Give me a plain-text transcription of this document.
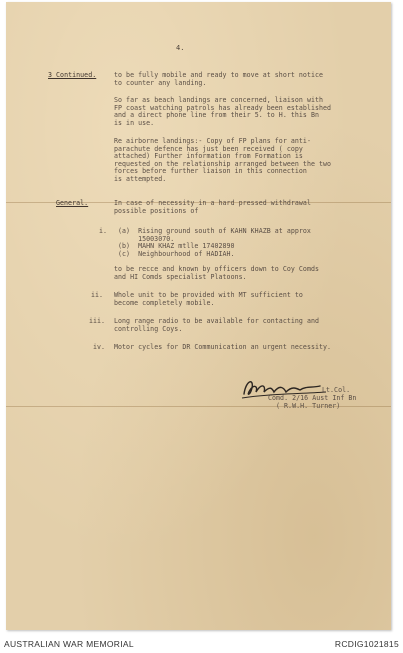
4.
3 Continued.	to be fully mobile and ready to move at short notice
to counter any landing.
So far as beach landings are concerned, liaison with
FP coast watching patrols has already been established
and a direct phone line from their 5. to H. this Bn
is in use.
Re airborne landings:- Copy of FP plans for anti-
parachute defence has just been received ( copy
attached) Further information from Formation is
requested on the relationship arranged between the two
forces before further liaison in this connection
is attempted.
General.	In case of necessity in a hard pressed withdrawal
possible positions of
i. (a)  Rising ground south of KAHN KHAZB at approx
15003070.
(b)  MAHN KHAZ mtlle 17402890
(c)  Neighbourhood of HADIAH.
to be recce and known by officers down to Coy Comds
and HI Comds specialist Platoons.
ii. Whole unit to be provided with MT sufficient to
become completely mobile.
iii. Long range radio to be available for contacting and
controlling Coys.
iv. Motor cycles for DR Communication an urgent necessity.
Lt.Col.
Comd. 2/16 Aust Inf Bn
( R.W.H. Turner)
AUSTRALIAN WAR MEMORIAL	RCDIG1021815
